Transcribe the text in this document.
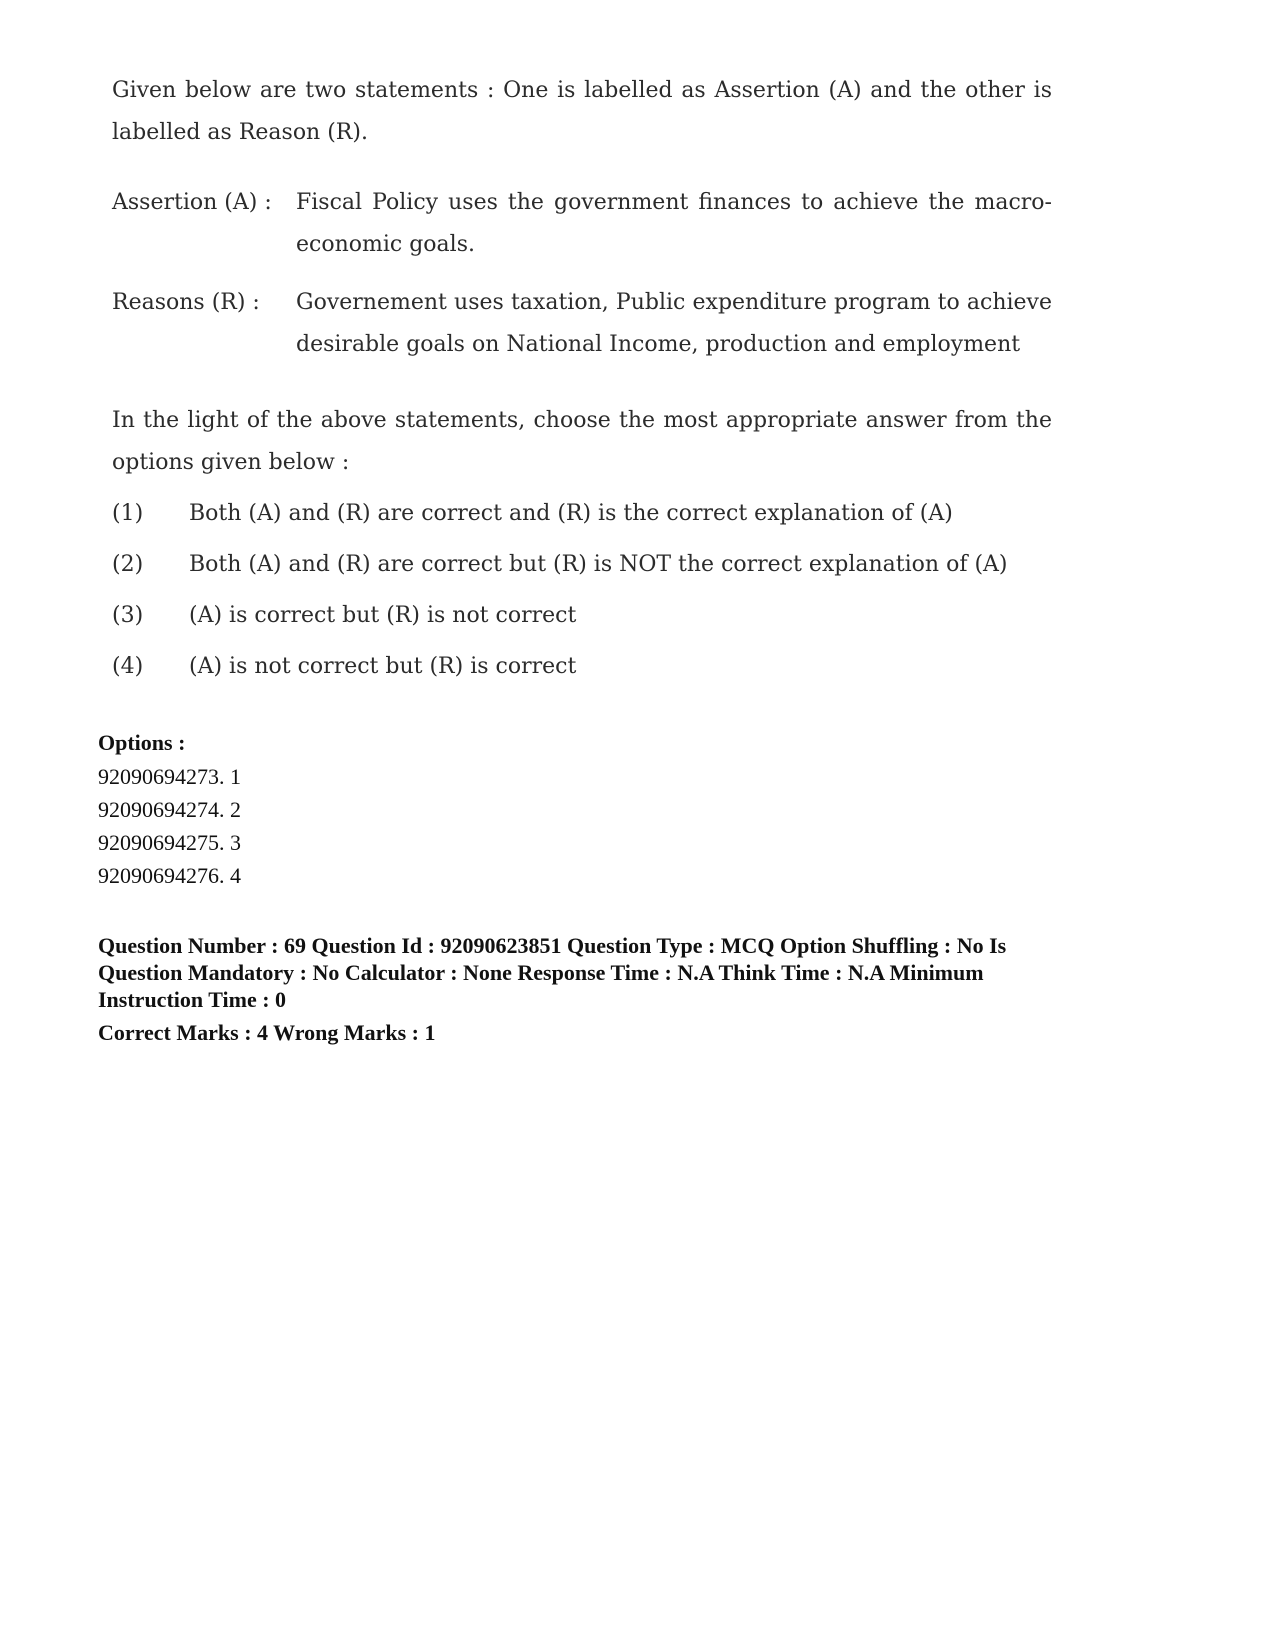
Given below are two statements : One is labelled as Assertion (A) and the other is labelled as Reason (R).

Assertion (A) : Fiscal Policy uses the government finances to achieve the macro-economic goals.
Reasons (R) : Governement uses taxation, Public expenditure program to achieve desirable goals on National Income, production and employment

In the light of the above statements, choose the most appropriate answer from the options given below :

(1) Both (A) and (R) are correct and (R) is the correct explanation of (A)
(2) Both (A) and (R) are correct but (R) is NOT the correct explanation of (A)
(3) (A) is correct but (R) is not correct
(4) (A) is not correct but (R) is correct
Options :
92090694273. 1
92090694274. 2
92090694275. 3
92090694276. 4
Question Number : 69 Question Id : 92090623851 Question Type : MCQ Option Shuffling : No Is
Question Mandatory : No Calculator : None Response Time : N.A Think Time : N.A Minimum
Instruction Time : 0
Correct Marks : 4 Wrong Marks : 1
